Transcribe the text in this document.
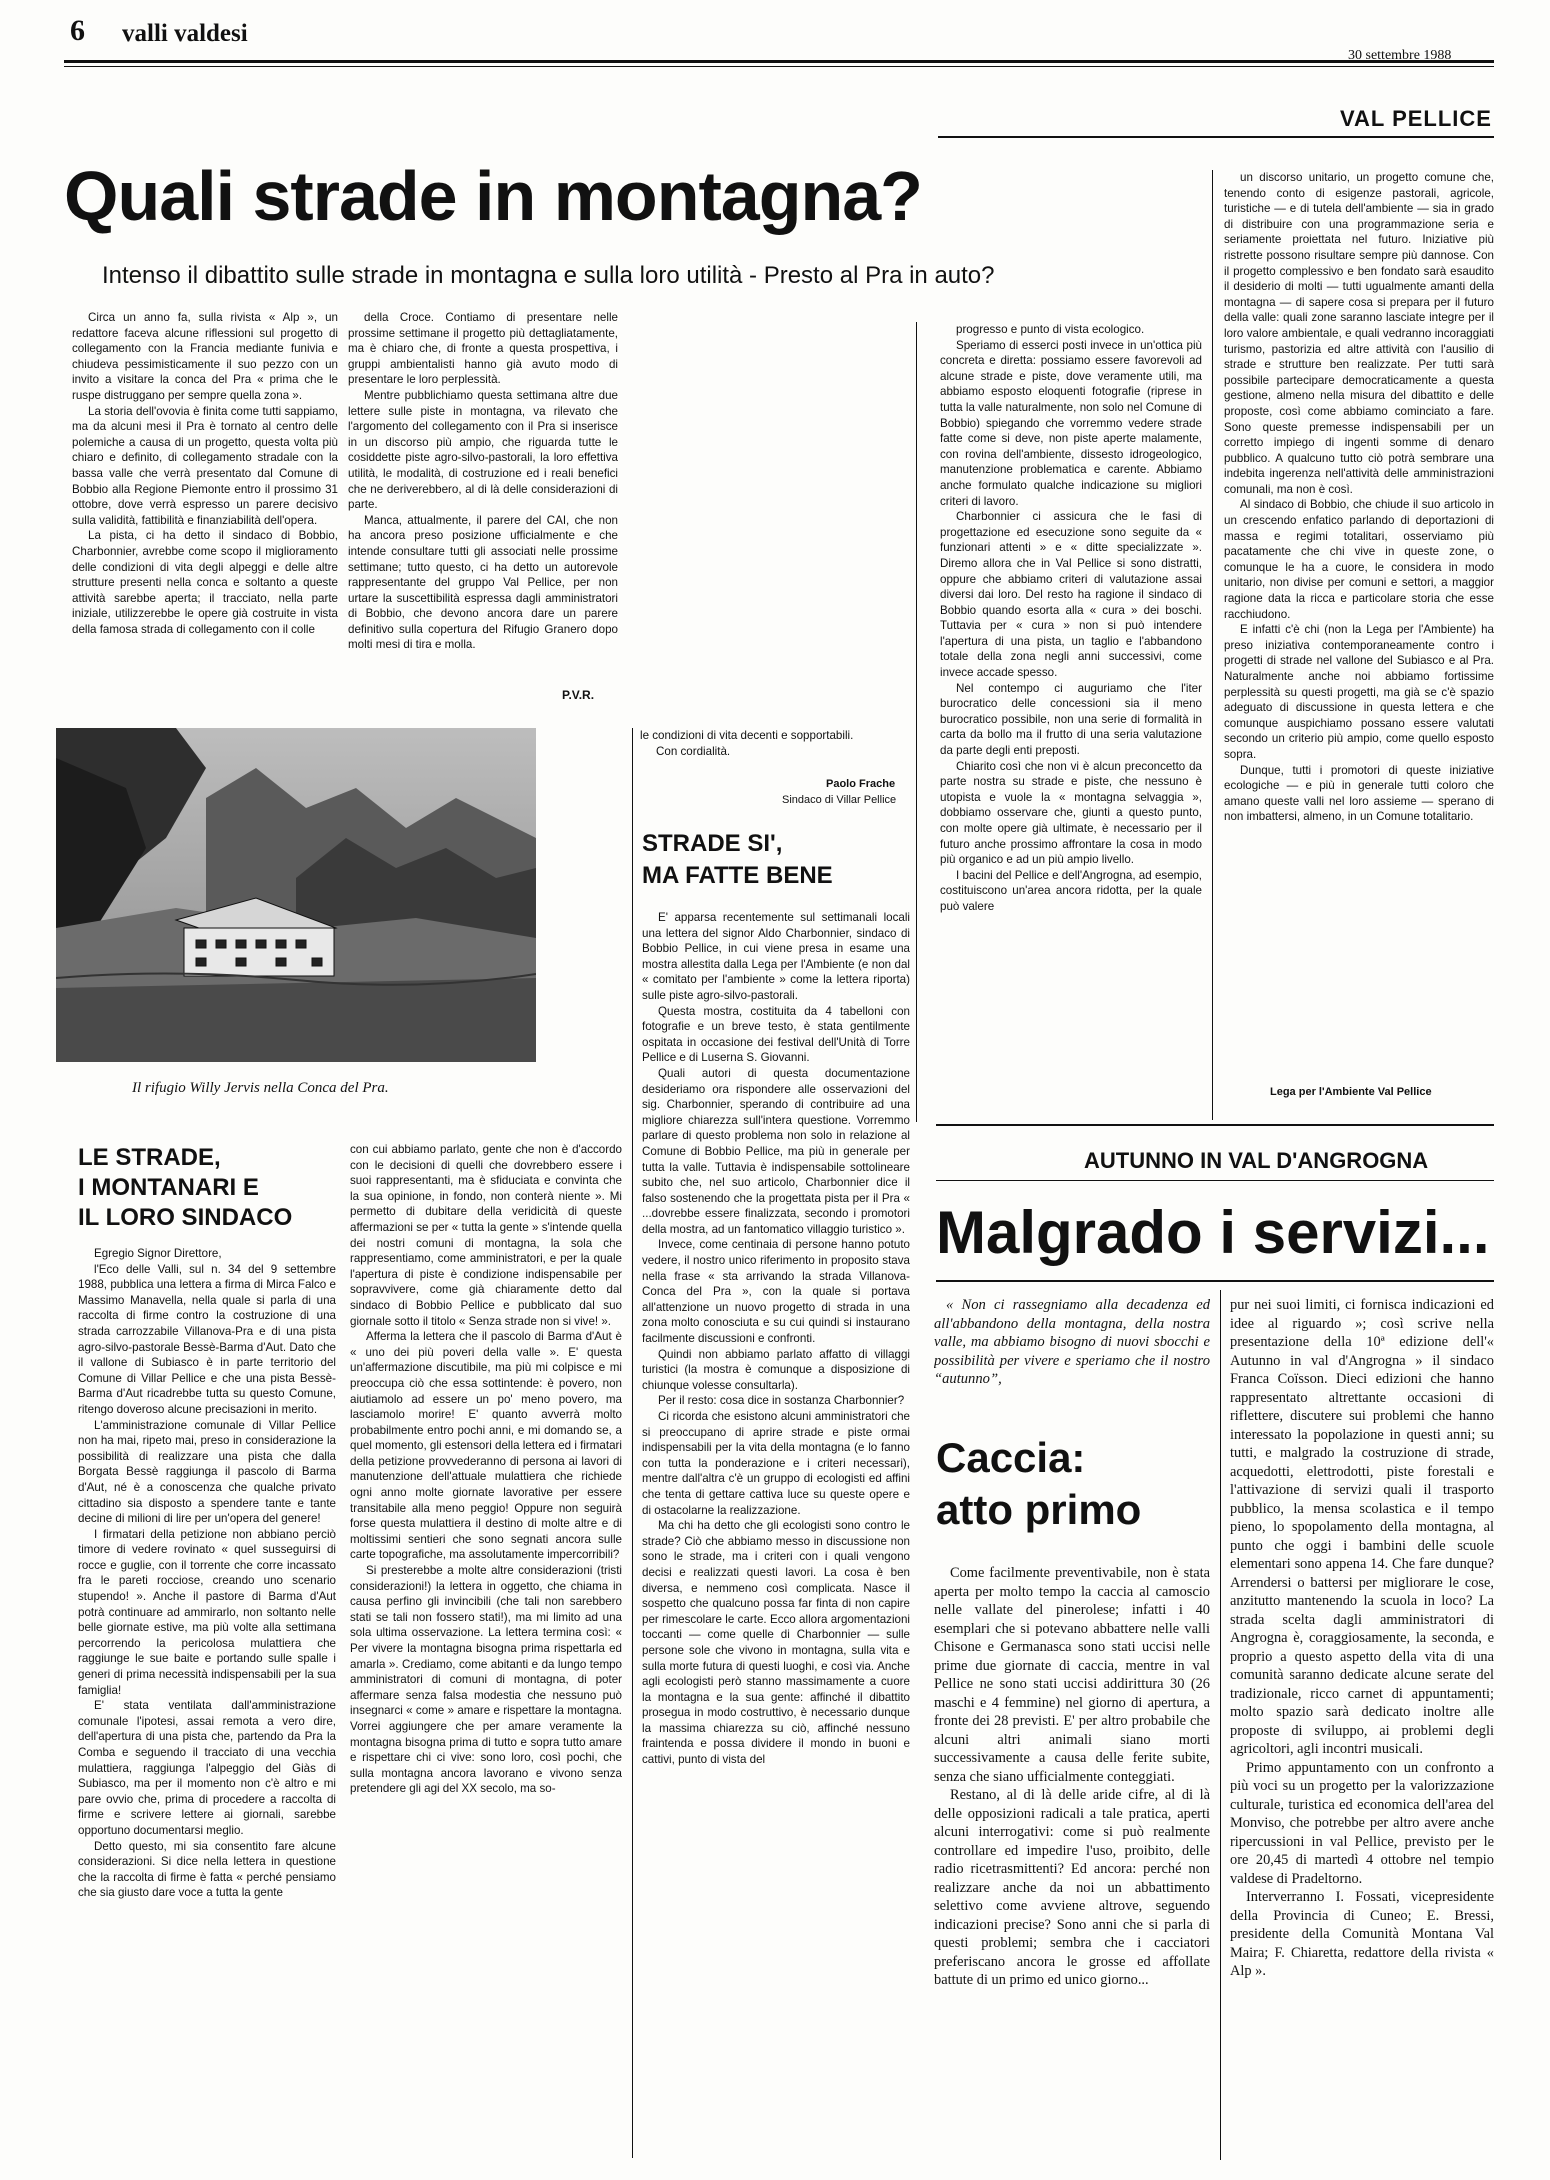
6 valli valdesi
30 settembre 1988
VAL PELLICE
Quali strade in montagna?
Intenso il dibattito sulle strade in montagna e sulla loro utilità - Presto al Pra in auto?

Circa un anno fa, sulla rivista « Alp », un redattore faceva alcune riflessioni sul progetto di collegamento con la Francia mediante funivia e chiudeva pessimisticamente il suo pezzo con un invito a visitare la conca del Pra « prima che le ruspe distruggano per sempre quella zona ».

La storia dell'ovovia è finita come tutti sappiamo, ma da alcuni mesi il Pra è tornato al centro delle polemiche a causa di un progetto, questa volta più chiaro e definito, di collegamento stradale con la bassa valle che verrà presentato dal Comune di Bobbio alla Regione Piemonte entro il prossimo 31 ottobre, dove verrà espresso un parere decisivo sulla validità, fattibilità e finanziabilità dell'opera.

La pista, ci ha detto il sindaco di Bobbio, Charbonnier, avrebbe come scopo il miglioramento delle condizioni di vita degli alpeggi e delle altre strutture presenti nella conca e soltanto a queste attività sarebbe aperta; il tracciato, nella parte iniziale, utilizzerebbe le opere già costruite in vista della famosa strada di collegamento con il colle

della Croce. Contiamo di presentare nelle prossime settimane il progetto più dettagliatamente, ma è chiaro che, di fronte a questa prospettiva, i gruppi ambientalisti hanno già avuto modo di presentare le loro perplessità.

Mentre pubblichiamo questa settimana altre due lettere sulle piste in montagna, va rilevato che l'argomento del collegamento con il Pra si inserisce in un discorso più ampio, che riguarda tutte le cosiddette piste agro-silvo-pastorali, la loro effettiva utilità, le modalità, di costruzione ed i reali benefici che ne deriverebbero, al di là delle considerazioni di parte.

Manca, attualmente, il parere del CAI, che non ha ancora preso posizione ufficialmente e che intende consultare tutti gli associati nelle prossime settimane; tutto questo, ci ha detto un autorevole rappresentante del gruppo Val Pellice, per non urtare la suscettibilità espressa dagli amministratori di Bobbio, che devono ancora dare un parere definitivo sulla copertura del Rifugio Granero dopo molti mesi di tira e molla.

P.V.R.

un discorso unitario, un progetto comune che, tenendo conto di esigenze pastorali, agricole, turistiche — e di tutela dell'ambiente — sia in grado di distribuire con una programmazione seria e seriamente proiettata nel futuro. Iniziative più ristrette possono risultare sempre più dannose. Con il progetto complessivo e ben fondato sarà esaudito il desiderio di molti — tutti ugualmente amanti della montagna — di sapere cosa si prepara per il futuro della valle: quali zone saranno lasciate integre per il loro valore ambientale, e quali vedranno incoraggiati turismo, pastorizia ed altre attività con l'ausilio di strade e strutture ben realizzate. Per tutti sarà possibile partecipare democraticamente a questa gestione, almeno nella misura del dibattito e delle proposte, così come abbiamo cominciato a fare. Sono queste premesse indispensabili per un corretto impiego di ingenti somme di denaro pubblico. A qualcuno tutto ciò potrà sembrare una indebita ingerenza nell'attività delle amministrazioni comunali, ma non è così.

Al sindaco di Bobbio, che chiude il suo articolo in un crescendo enfatico parlando di deportazioni di massa e regimi totalitari, osserviamo più pacatamente che chi vive in queste zone, o comunque le ha a cuore, le considera in modo unitario, non divise per comuni e settori, a maggior ragione data la ricca e particolare storia che esse racchiudono.

E infatti c'è chi (non la Lega per l'Ambiente) ha preso iniziativa contemporaneamente contro i progetti di strade nel vallone del Subiasco e al Pra. Naturalmente anche noi abbiamo fortissime perplessità su questi progetti, ma già se c'è spazio adeguato di discussione in questa lettera e che comunque auspichiamo possano essere valutati secondo un criterio più ampio, come quello esposto sopra.

Dunque, tutti i promotori di queste iniziative ecologiche — e più in generale tutti coloro che amano queste valli nel loro assieme — sperano di non imbattersi, almeno, in un Comune totalitario.

Lega per l'Ambiente Val Pellice
Il rifugio Willy Jervis nella Conca del Pra.

le condizioni di vita decenti e sopportabili.

Con cordialità.

progresso e punto di vista ecologico.

Speriamo di esserci posti invece in un'ottica più concreta e diretta: possiamo essere favorevoli ad alcune strade e piste, dove veramente utili, ma abbiamo esposto eloquenti fotografie (riprese in tutta la valle naturalmente, non solo nel Comune di Bobbio) spiegando che vorremmo vedere strade fatte come si deve, non piste aperte malamente, con rovina dell'ambiente, dissesto idrogeologico, manutenzione problematica e carente. Abbiamo anche formulato qualche indicazione su migliori criteri di lavoro.

Charbonnier ci assicura che le fasi di progettazione ed esecuzione sono seguite da « funzionari attenti » e « ditte specializzate ». Diremo allora che in Val Pellice si sono distratti, oppure che abbiamo criteri di valutazione assai diversi dai loro. Del resto ha ragione il sindaco di Bobbio quando esorta alla « cura » dei boschi. Tuttavia per « cura » non si può intendere l'apertura di una pista, un taglio e l'abbandono totale della zona negli anni successivi, come invece accade spesso.

Nel contempo ci auguriamo che l'iter burocratico delle concessioni sia il meno burocratico possibile, non una serie di formalità in carta da bollo ma il frutto di una seria valutazione da parte degli enti preposti.

Chiarito così che non vi è alcun preconcetto da parte nostra su strade e piste, che nessuno è utopista e vuole la « montagna selvaggia », dobbiamo osservare che, giunti a questo punto, con molte opere già ultimate, è necessario per il futuro anche prossimo affrontare la cosa in modo più organico e ad un più ampio livello.

I bacini del Pellice e dell'Angrogna, ad esempio, costituiscono un'area ancora ridotta, per la quale può valere

Paolo Frache
Sindaco di Villar Pellice
STRADE SI',
MA FATTE BENE

E' apparsa recentemente sul settimanali locali una lettera del signor Aldo Charbonnier, sindaco di Bobbio Pellice, in cui viene presa in esame una mostra allestita dalla Lega per l'Ambiente (e non dal « comitato per l'ambiente » come la lettera riporta) sulle piste agro-silvo-pastorali.

Questa mostra, costituita da 4 tabelloni con fotografie e un breve testo, è stata gentilmente ospitata in occasione dei festival dell'Unità di Torre Pellice e di Luserna S. Giovanni.

Quali autori di questa documentazione desideriamo ora rispondere alle osservazioni del sig. Charbonnier, sperando di contribuire ad una migliore chiarezza sull'intera questione. Vorremmo parlare di questo problema non solo in relazione al Comune di Bobbio Pellice, ma più in generale per tutta la valle. Tuttavia è indispensabile sottolineare subito che, nel suo articolo, Charbonnier dice il falso sostenendo che la progettata pista per il Pra « ...dovrebbe essere finalizzata, secondo i promotori della mostra, ad un fantomatico villaggio turistico ».

Invece, come centinaia di persone hanno potuto vedere, il nostro unico riferimento in proposito stava nella frase « sta arrivando la strada Villanova-Conca del Pra », con la quale si portava all'attenzione un nuovo progetto di strada in una zona molto conosciuta e su cui quindi si instaurano facilmente discussioni e confronti.

Quindi non abbiamo parlato affatto di villaggi turistici (la mostra è comunque a disposizione di chiunque volesse consultarla).

Per il resto: cosa dice in sostanza Charbonnier?

Ci ricorda che esistono alcuni amministratori che si preoccupano di aprire strade e piste ormai indispensabili per la vita della montagna (e lo fanno con tutta la ponderazione e i criteri necessari), mentre dall'altra c'è un gruppo di ecologisti ed affini che tenta di gettare cattiva luce su queste opere e di ostacolarne la realizzazione.

Ma chi ha detto che gli ecologisti sono contro le strade? Ciò che abbiamo messo in discussione non sono le strade, ma i criteri con i quali vengono decisi e realizzati questi lavori. La cosa è ben diversa, e nemmeno così complicata. Nasce il sospetto che qualcuno possa far finta di non capire per rimescolare le carte. Ecco allora argomentazioni toccanti — come quelle di Charbonnier — sulle persone sole che vivono in montagna, sulla vita e sulla morte futura di questi luoghi, e così via. Anche agli ecologisti però stanno massimamente a cuore la montagna e la sua gente: affinché il dibattito prosegua in modo costruttivo, è necessario dunque la massima chiarezza su ciò, affinché nessuno fraintenda e possa dividere il mondo in buoni e cattivi, punto di vista del

LE STRADE,
I MONTANARI E
IL LORO SINDACO

Egregio Signor Direttore,

l'Eco delle Valli, sul n. 34 del 9 settembre 1988, pubblica una lettera a firma di Mirca Falco e Massimo Manavella, nella quale si parla di una raccolta di firme contro la costruzione di una strada carrozzabile Villanova-Pra e di una pista agro-silvo-pastorale Bessè-Barma d'Aut. Dato che il vallone di Subiasco è in parte territorio del Comune di Villar Pellice e che una pista Bessè-Barma d'Aut ricadrebbe tutta su questo Comune, ritengo doveroso alcune precisazioni in merito.

L'amministrazione comunale di Villar Pellice non ha mai, ripeto mai, preso in considerazione la possibilità di realizzare una pista che dalla Borgata Bessè raggiunga il pascolo di Barma d'Aut, né è a conoscenza che qualche privato cittadino sia disposto a spendere tante e tante decine di milioni di lire per un'opera del genere!

I firmatari della petizione non abbiano perciò timore di vedere rovinato « quel susseguirsi di rocce e guglie, con il torrente che corre incassato fra le pareti rocciose, creando uno scenario stupendo! ». Anche il pastore di Barma d'Aut potrà continuare ad ammirarlo, non soltanto nelle belle giornate estive, ma più volte alla settimana percorrendo la pericolosa mulattiera che raggiunge le sue baite e portando sulle spalle i generi di prima necessità indispensabili per la sua famiglia!

E' stata ventilata dall'amministrazione comunale l'ipotesi, assai remota a vero dire, dell'apertura di una pista che, partendo da Pra la Comba e seguendo il tracciato di una vecchia mulattiera, raggiunga l'alpeggio del Giàs di Subiasco, ma per il momento non c'è altro e mi pare ovvio che, prima di procedere a raccolta di firme e scrivere lettere ai giornali, sarebbe opportuno documentarsi meglio.

Detto questo, mi sia consentito fare alcune considerazioni. Si dice nella lettera in questione che la raccolta di firme è fatta « perché pensiamo che sia giusto dare voce a tutta la gente

con cui abbiamo parlato, gente che non è d'accordo con le decisioni di quelli che dovrebbero essere i suoi rappresentanti, ma è sfiduciata e convinta che la sua opinione, in fondo, non conterà niente ». Mi permetto di dubitare della veridicità di queste affermazioni se per « tutta la gente » s'intende quella dei nostri comuni di montagna, la sola che rappresentiamo, come amministratori, e per la quale l'apertura di piste è condizione indispensabile per sopravvivere, come già chiaramente detto dal sindaco di Bobbio Pellice e pubblicato dal suo giornale sotto il titolo « Senza strade non si vive! ».

Afferma la lettera che il pascolo di Barma d'Aut è « uno dei più poveri della valle ». E' questa un'affermazione discutibile, ma più mi colpisce e mi preoccupa ciò che essa sottintende: è povero, non aiutiamolo ad essere un po' meno povero, ma lasciamolo morire! E' quanto avverrà molto probabilmente entro pochi anni, e mi domando se, a quel momento, gli estensori della lettera ed i firmatari della petizione provvederanno di persona ai lavori di manutenzione dell'attuale mulattiera che richiede ogni anno molte giornate lavorative per essere transitabile alla meno peggio! Oppure non seguirà forse questa mulattiera il destino di molte altre e di moltissimi sentieri che sono segnati ancora sulle carte topografiche, ma assolutamente impercorribili?

Si presterebbe a molte altre considerazioni (tristi considerazioni!) la lettera in oggetto, che chiama in causa perfino gli invincibili (che tali non sarebbero stati se tali non fossero stati!), ma mi limito ad una sola ultima osservazione. La lettera termina così: « Per vivere la montagna bisogna prima rispettarla ed amarla ». Crediamo, come abitanti e da lungo tempo amministratori di comuni di montagna, di poter affermare senza falsa modestia che nessuno può insegnarci « come » amare e rispettare la montagna. Vorrei aggiungere che per amare veramente la montagna bisogna prima di tutto e sopra tutto amare e rispettare chi ci vive: sono loro, così pochi, che sulla montagna ancora lavorano e vivono senza pretendere gli agi del XX secolo, ma so-

AUTUNNO IN VAL D'ANGROGNA
Malgrado i servizi...

« Non ci rassegniamo alla decadenza ed all'abbandono della montagna, della nostra valle, ma abbiamo bisogno di nuovi sbocchi e possibilità per vivere e speriamo che il nostro “autunno”,

Caccia:
atto primo

Come facilmente preventivabile, non è stata aperta per molto tempo la caccia al camoscio nelle vallate del pinerolese; infatti i 40 esemplari che si potevano abbattere nelle valli Chisone e Germanasca sono stati uccisi nelle prime due giornate di caccia, mentre in val Pellice ne sono stati uccisi addirittura 30 (26 maschi e 4 femmine) nel giorno di apertura, a fronte dei 28 previsti. E' per altro probabile che alcuni altri animali siano morti successivamente a causa delle ferite subite, senza che siano ufficialmente conteggiati.

Restano, al di là delle aride cifre, al di là delle opposizioni radicali a tale pratica, aperti alcuni interrogativi: come si può realmente controllare ed impedire l'uso, proibito, delle radio ricetrasmittenti? Ed ancora: perché non realizzare anche da noi un abbattimento selettivo come avviene altrove, seguendo indicazioni precise? Sono anni che si parla di questi problemi; sembra che i cacciatori preferiscano ancora le grosse ed affollate battute di un primo ed unico giorno...

pur nei suoi limiti, ci fornisca indicazioni ed idee al riguardo »; così scrive nella presentazione della 10ª edizione dell'« Autunno in val d'Angrogna » il sindaco Franca Coïsson. Dieci edizioni che hanno rappresentato altrettante occasioni di riflettere, discutere sui problemi che hanno interessato la popolazione in questi anni; su tutti, e malgrado la costruzione di strade, acquedotti, elettrodotti, piste forestali e l'attivazione di servizi quali il trasporto pubblico, la mensa scolastica e il tempo pieno, lo spopolamento della montagna, al punto che oggi i bambini delle scuole elementari sono appena 14. Che fare dunque? Arrendersi o battersi per migliorare le cose, anzitutto mantenendo la scuola in loco? La strada scelta dagli amministratori di Angrogna è, coraggiosamente, la seconda, e proprio a questo aspetto della vita di una comunità saranno dedicate alcune serate del tradizionale, ricco carnet di appuntamenti; molto spazio sarà dedicato inoltre alle proposte di sviluppo, ai problemi degli agricoltori, agli incontri musicali.

Primo appuntamento con un confronto a più voci su un progetto per la valorizzazione culturale, turistica ed economica dell'area del Monviso, che potrebbe per altro avere anche ripercussioni in val Pellice, previsto per le ore 20,45 di martedì 4 ottobre nel tempio valdese di Pradeltorno.

Interverranno I. Fossati, vicepresidente della Provincia di Cuneo; E. Bressi, presidente della Comunità Montana Val Maira; F. Chiaretta, redattore della rivista « Alp ».
